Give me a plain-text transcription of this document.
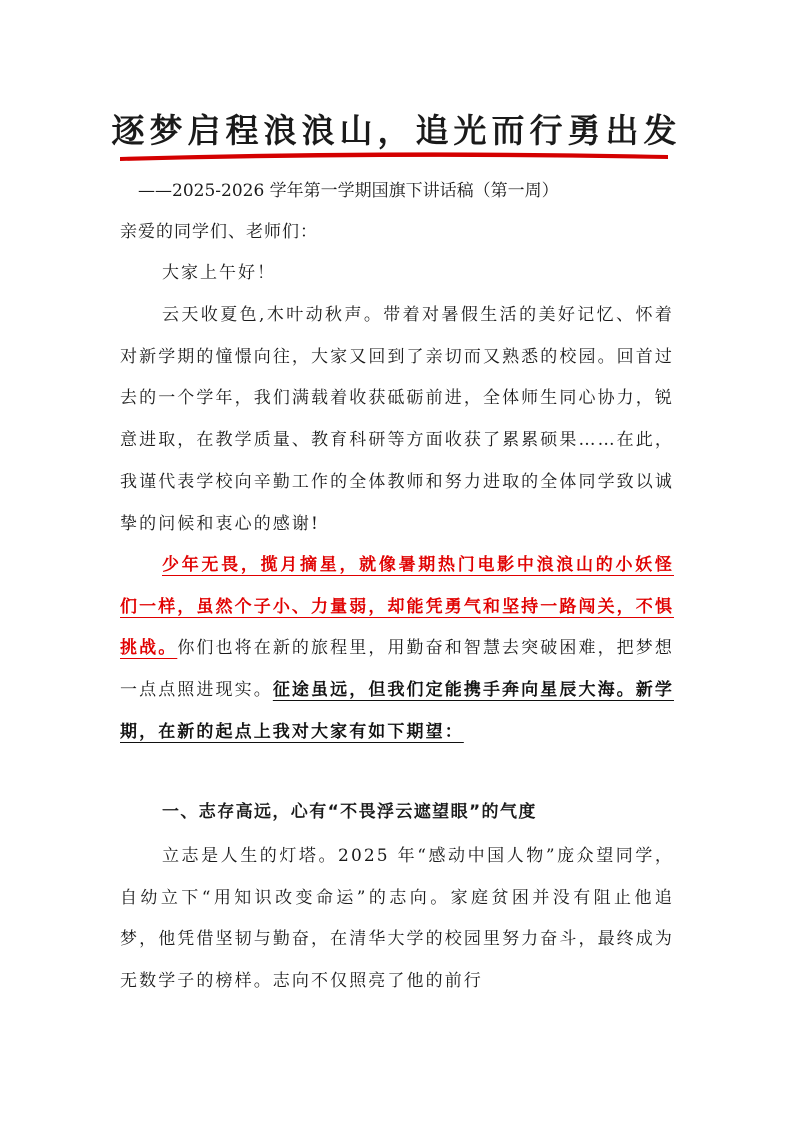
逐梦启程浪浪山，追光而行勇出发
——2025-2026 学年第一学期国旗下讲话稿（第一周）
亲爱的同学们、老师们：
大家上午好！

云天收夏色,木叶动秋声。带着对暑假生活的美好记忆、怀着对新学期的憧憬向往，大家又回到了亲切而又熟悉的校园。回首过去的一个学年，我们满载着收获砥砺前进，全体师生同心协力，锐意进取，在教学质量、教育科研等方面收获了累累硕果……在此，我谨代表学校向辛勤工作的全体教师和努力进取的全体同学致以诚挚的问候和衷心的感谢!

少年无畏，揽月摘星，就像暑期热门电影中浪浪山的小妖怪们一样，虽然个子小、力量弱，却能凭勇气和坚持一路闯关，不惧挑战。你们也将在新的旅程里，用勤奋和智慧去突破困难，把梦想一点点照进现实。征途虽远，但我们定能携手奔向星辰大海。新学期，在新的起点上我对大家有如下期望：

一、志存高远，心有“不畏浮云遮望眼”的气度

立志是人生的灯塔。2025 年“感动中国人物”庞众望同学，自幼立下“用知识改变命运”的志向。家庭贫困并没有阻止他追梦，他凭借坚韧与勤奋，在清华大学的校园里努力奋斗，最终成为无数学子的榜样。志向不仅照亮了他的前行
